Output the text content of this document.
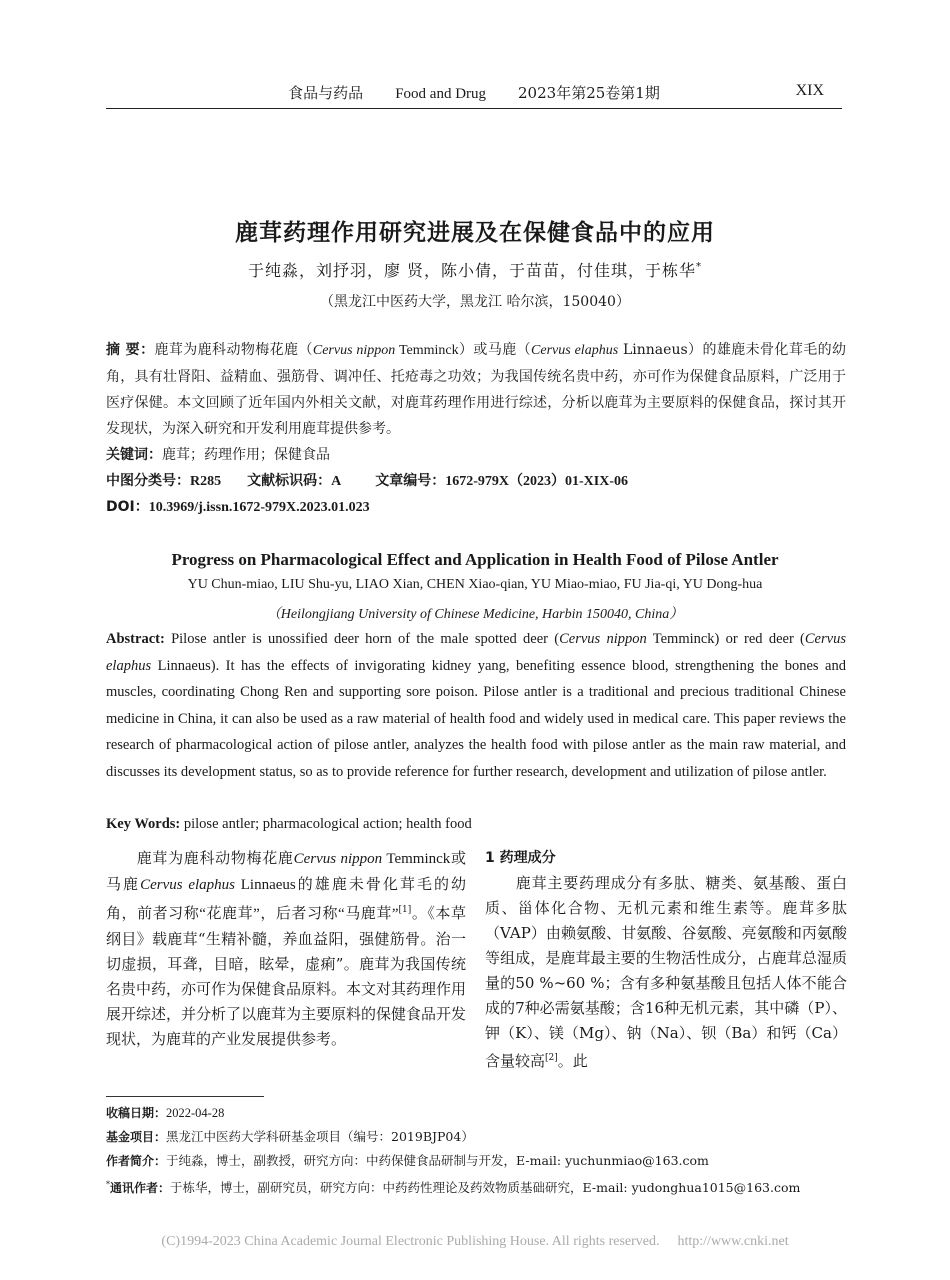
食品与药品 Food and Drug 2023年第25卷第1期	XIX
鹿茸药理作用研究进展及在保健食品中的应用
于纯淼，刘抒羽，廖 贤，陈小倩，于苗苗，付佳琪，于栋华*
（黑龙江中医药大学，黑龙江 哈尔滨，150040）
摘 要：鹿茸为鹿科动物梅花鹿（Cervus nippon Temminck）或马鹿（Cervus elaphus Linnaeus）的雄鹿未骨化茸毛的幼角，具有壮肾阳、益精血、强筋骨、调冲任、托疮毒之功效；为我国传统名贵中药，亦可作为保健食品原料，广泛用于医疗保健。本文回顾了近年国内外相关文献，对鹿茸药理作用进行综述，分析以鹿茸为主要原料的保健食品，探讨其开发现状，为深入研究和开发利用鹿茸提供参考。
关键词：鹿茸；药理作用；保健食品
中图分类号：R285 文献标识码：A 文章编号：1672-979X（2023）01-XIX-06
DOI：10.3969/j.issn.1672-979X.2023.01.023
Progress on Pharmacological Effect and Application in Health Food of Pilose Antler
YU Chun-miao, LIU Shu-yu, LIAO Xian, CHEN Xiao-qian, YU Miao-miao, FU Jia-qi, YU Dong-hua
（Heilongjiang University of Chinese Medicine, Harbin 150040, China）
Abstract: Pilose antler is unossified deer horn of the male spotted deer (Cervus nippon Temminck) or red deer (Cervus elaphus Linnaeus). It has the effects of invigorating kidney yang, benefiting essence blood, strengthening the bones and muscles, coordinating Chong Ren and supporting sore poison. Pilose antler is a traditional and precious traditional Chinese medicine in China, it can also be used as a raw material of health food and widely used in medical care. This paper reviews the research of pharmacological action of pilose antler, analyzes the health food with pilose antler as the main raw material, and discusses its development status, so as to provide reference for further research, development and utilization of pilose antler.
Key Words: pilose antler; pharmacological action; health food
鹿茸为鹿科动物梅花鹿Cervus nippon Temminck或马鹿Cervus elaphus Linnaeus的雄鹿未骨化茸毛的幼角，前者习称“花鹿茸”，后者习称“马鹿茸”[1]。《本草纲目》载鹿茸“生精补髓，养血益阳，强健筋骨。治一切虚损，耳聋，目暗，眩晕，虚痢”。鹿茸为我国传统名贵中药，亦可作为保健食品原料。本文对其药理作用展开综述，并分析了以鹿茸为主要原料的保健食品开发现状，为鹿茸的产业发展提供参考。
1 药理成分
鹿茸主要药理成分有多肽、糖类、氨基酸、蛋白质、甾体化合物、无机元素和维生素等。鹿茸多肽（VAP）由赖氨酸、甘氨酸、谷氨酸、亮氨酸和丙氨酸等组成，是鹿茸最主要的生物活性成分，占鹿茸总湿质量的50 %~60 %；含有多种氨基酸且包括人体不能合成的7种必需氨基酸；含16种无机元素，其中磷（P）、钾（K）、镁（Mg）、钠（Na）、钡（Ba）和钙（Ca）含量较高[2]。此
收稿日期：2022-04-28
基金项目：黑龙江中医药大学科研基金项目（编号：2019BJP04）
作者简介：于纯淼，博士，副教授，研究方向：中药保健食品研制与开发，E-mail: yuchunmiao@163.com
*通讯作者：于栋华，博士，副研究员，研究方向：中药药性理论及药效物质基础研究，E-mail: yudonghua1015@163.com
(C)1994-2023 China Academic Journal Electronic Publishing House. All rights reserved. http://www.cnki.net
